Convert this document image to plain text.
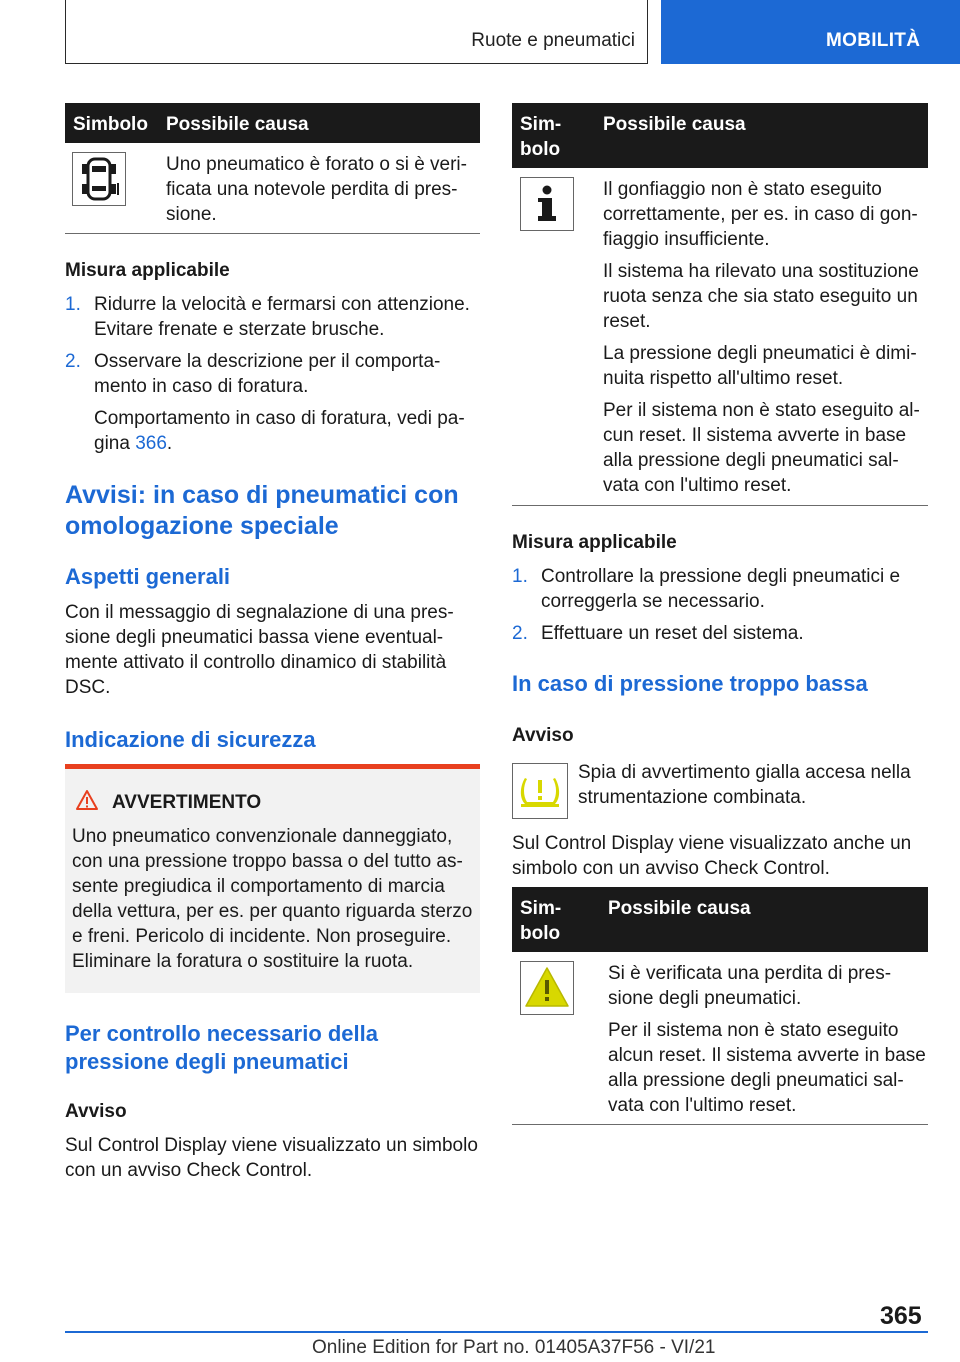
Ruote e pneumatici	MOBILITÀ
Simbolo Possibile causa

Uno pneumatico è forato o si è veri-ficata una notevole perdita di pres-sione.

Misura applicabile
1. Ridurre la velocità e fermarsi con attenzione. Evitare frenate e sterzate brusche.
2. Osservare la descrizione per il comporta-mento in caso di foratura.
Comportamento in caso di foratura, vedi pa-gina 366.
Avvisi: in caso di pneumatici con omologazione speciale
Aspetti generali
Con il messaggio di segnalazione di una pres-sione degli pneumatici bassa viene eventual-mente attivato il controllo dinamico di stabilità DSC.
Indicazione di sicurezza
AVVERTIMENTO
Uno pneumatico convenzionale danneggiato, con una pressione troppo bassa o del tutto as-sente pregiudica il comportamento di marcia della vettura, per es. per quanto riguarda sterzo e freni. Pericolo di incidente. Non proseguire. Eliminare la foratura o sostituire la ruota.
Per controllo necessario della pressione degli pneumatici
Avviso
Sul Control Display viene visualizzato un simbolo con un avviso Check Control.
Sim-bolo
Possibile causa

Il gonfiaggio non è stato eseguito correttamente, per es. in caso di gon-fiaggio insufficiente.

Il sistema ha rilevato una sostituzione ruota senza che sia stato eseguito un reset.

La pressione degli pneumatici è dimi-nuita rispetto all'ultimo reset.

Per il sistema non è stato eseguito al-cun reset. Il sistema avverte in base alla pressione degli pneumatici sal-vata con l'ultimo reset.

Misura applicabile
1. Controllare la pressione degli pneumatici e correggerla se necessario.
2. Effettuare un reset del sistema.
In caso di pressione troppo bassa
Avviso
Spia di avvertimento gialla accesa nella strumentazione combinata.
Sul Control Display viene visualizzato anche un simbolo con un avviso Check Control.
Sim-bolo
Possibile causa

Si è verificata una perdita di pres-sione degli pneumatici.

Per il sistema non è stato eseguito alcun reset. Il sistema avverte in base alla pressione degli pneumatici sal-vata con l'ultimo reset.

365
Online Edition for Part no. 01405A37F56 - VI/21
